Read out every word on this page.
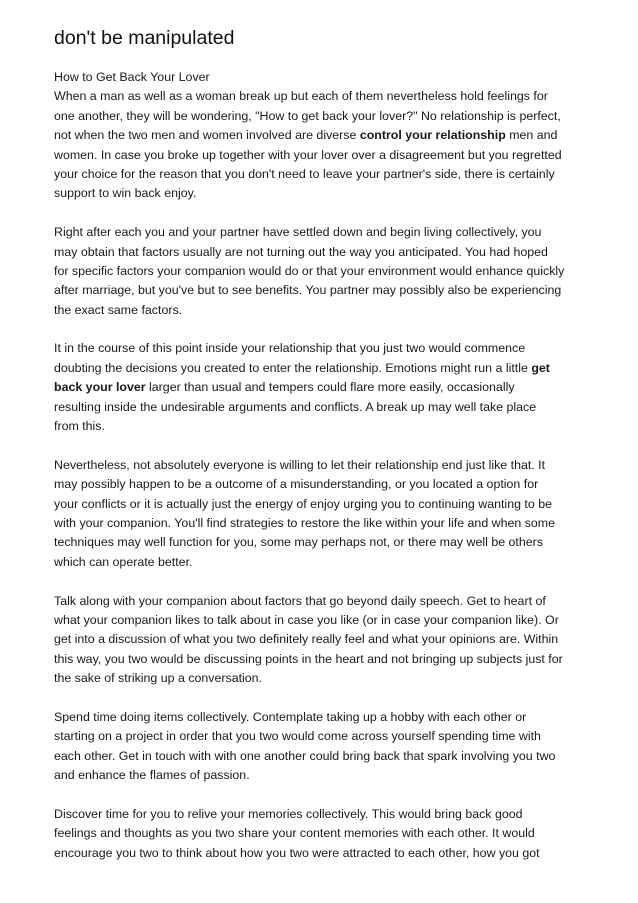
don't be manipulated
How to Get Back Your Lover
When a man as well as a woman break up but each of them nevertheless hold feelings for
one another, they will be wondering, "How to get back your lover?" No relationship is perfect,
not when the two men and women involved are diverse control your relationship men and
women. In case you broke up together with your lover over a disagreement but you regretted
your choice for the reason that you don't need to leave your partner's side, there is certainly
support to win back enjoy.
Right after each you and your partner have settled down and begin living collectively, you
may obtain that factors usually are not turning out the way you anticipated. You had hoped
for specific factors your companion would do or that your environment would enhance quickly
after marriage, but you've but to see benefits. You partner may possibly also be experiencing
the exact same factors.
It in the course of this point inside your relationship that you just two would commence
doubting the decisions you created to enter the relationship. Emotions might run a little get
back your lover larger than usual and tempers could flare more easily, occasionally
resulting inside the undesirable arguments and conflicts. A break up may well take place
from this.
Nevertheless, not absolutely everyone is willing to let their relationship end just like that. It
may possibly happen to be a outcome of a misunderstanding, or you located a option for
your conflicts or it is actually just the energy of enjoy urging you to continuing wanting to be
with your companion. You'll find strategies to restore the like within your life and when some
techniques may well function for you, some may perhaps not, or there may well be others
which can operate better.
Talk along with your companion about factors that go beyond daily speech. Get to heart of
what your companion likes to talk about in case you like (or in case your companion like). Or
get into a discussion of what you two definitely really feel and what your opinions are. Within
this way, you two would be discussing points in the heart and not bringing up subjects just for
the sake of striking up a conversation.
Spend time doing items collectively. Contemplate taking up a hobby with each other or
starting on a project in order that you two would come across yourself spending time with
each other. Get in touch with with one another could bring back that spark involving you two
and enhance the flames of passion.
Discover time for you to relive your memories collectively. This would bring back good
feelings and thoughts as you two share your content memories with each other. It would
encourage you two to think about how you two were attracted to each other, how you got
